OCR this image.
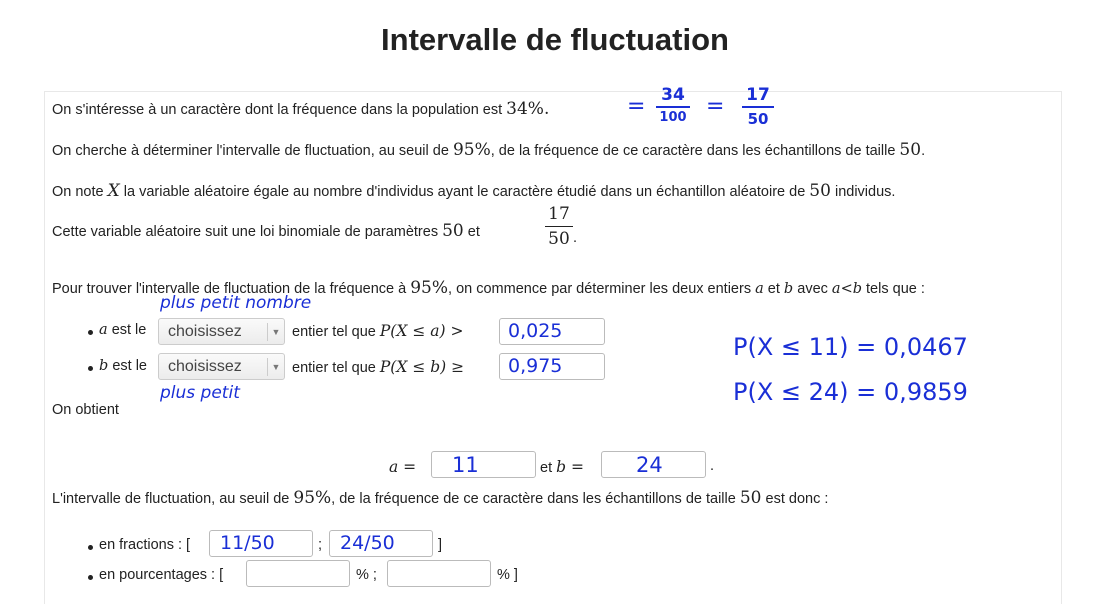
Intervalle de fluctuation
On s'intéresse à un caractère dont la fréquence dans la population est 34%.	= 34
100 =	17
50
On cherche à déterminer l'intervalle de fluctuation, au seuil de 95%, de la fréquence de ce caractère dans les échantillons de taille 50.
On note X la variable aléatoire égale au nombre d'individus ayant le caractère étudié dans un échantillon aléatoire de 50 individus.
Cette variable aléatoire suit une loi binomiale de paramètres 50 et
17
50 .
Pour trouver l'intervalle de fluctuation de la fréquence à 95%, on commence par déterminer les deux entiers a et b avec a<b tels que :
plus petit nombre
a est le	choisissez	▼ entier tel que P(X ≤ a) > 0,025
b est le	choisissez	▼ entier tel que P(X ≤ b) ≥ 0,975
plus petit
P(X ≤ 11) = 0,0467
P(X ≤ 24) = 0,9859
On obtient
a = 11	et b = 24	.
L'intervalle de fluctuation, au seuil de 95%, de la fréquence de ce caractère dans les échantillons de taille 50 est donc :
en fractions : [ 11/50	; 24/50	]
en pourcentages : [	% ;	% ]
